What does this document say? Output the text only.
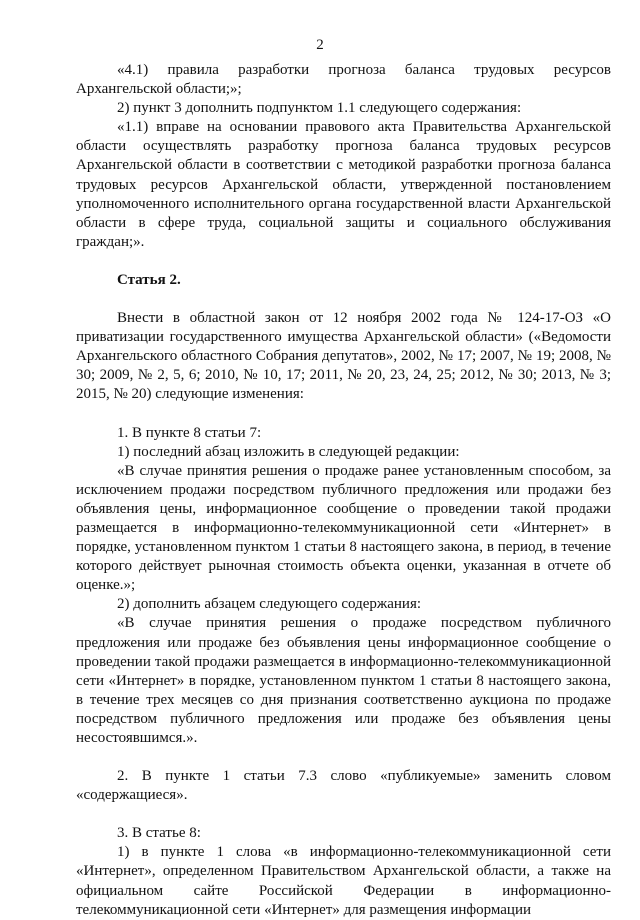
2

«4.1) правила разработки прогноза баланса трудовых ресурсов Архангельской области;»;

2) пункт 3 дополнить подпунктом 1.1 следующего содержания:

«1.1) вправе на основании правового акта Правительства Архангельской области осуществлять разработку прогноза баланса трудовых ресурсов Архангельской области в соответствии с методикой разработки прогноза баланса трудовых ресурсов Архангельской области, утвержденной постановлением уполномоченного исполнительного органа государственной власти Архангельской области в сфере труда, социальной защиты и социального обслуживания граждан;».

Статья 2.

Внести в областной закон от 12 ноября 2002 года № 124-17-ОЗ «О приватизации государственного имущества Архангельской области» («Ведомости Архангельского областного Собрания депутатов», 2002, № 17; 2007, № 19; 2008, № 30; 2009, № 2, 5, 6; 2010, № 10, 17; 2011, № 20, 23, 24, 25; 2012, № 30; 2013, № 3; 2015, № 20) следующие изменения:

1. В пункте 8 статьи 7:

1) последний абзац изложить в следующей редакции:

«В случае принятия решения о продаже ранее установленным способом, за исключением продажи посредством публичного предложения или продажи без объявления цены, информационное сообщение о проведении такой продажи размещается в информационно-телекоммуникационной сети «Интернет» в порядке, установленном пунктом 1 статьи 8 настоящего закона, в период, в течение которого действует рыночная стоимость объекта оценки, указанная в отчете об оценке.»;

2) дополнить абзацем следующего содержания:

«В случае принятия решения о продаже посредством публичного предложения или продаже без объявления цены информационное сообщение о проведении такой продажи размещается в информационно-телекоммуникационной сети «Интернет» в порядке, установленном пунктом 1 статьи 8 настоящего закона, в течение трех месяцев со дня признания соответственно аукциона по продаже посредством публичного предложения или продаже без объявления цены несостоявшимся.».

2. В пункте 1 статьи 7.3 слово «публикуемые» заменить словом «содержащиеся».

3. В статье 8:

1) в пункте 1 слова «в информационно-телекоммуникационной сети «Интернет», определенном Правительством Архангельской области, а также на официальном сайте Российской Федерации в информационно-телекоммуникационной сети «Интернет» для размещения информации
